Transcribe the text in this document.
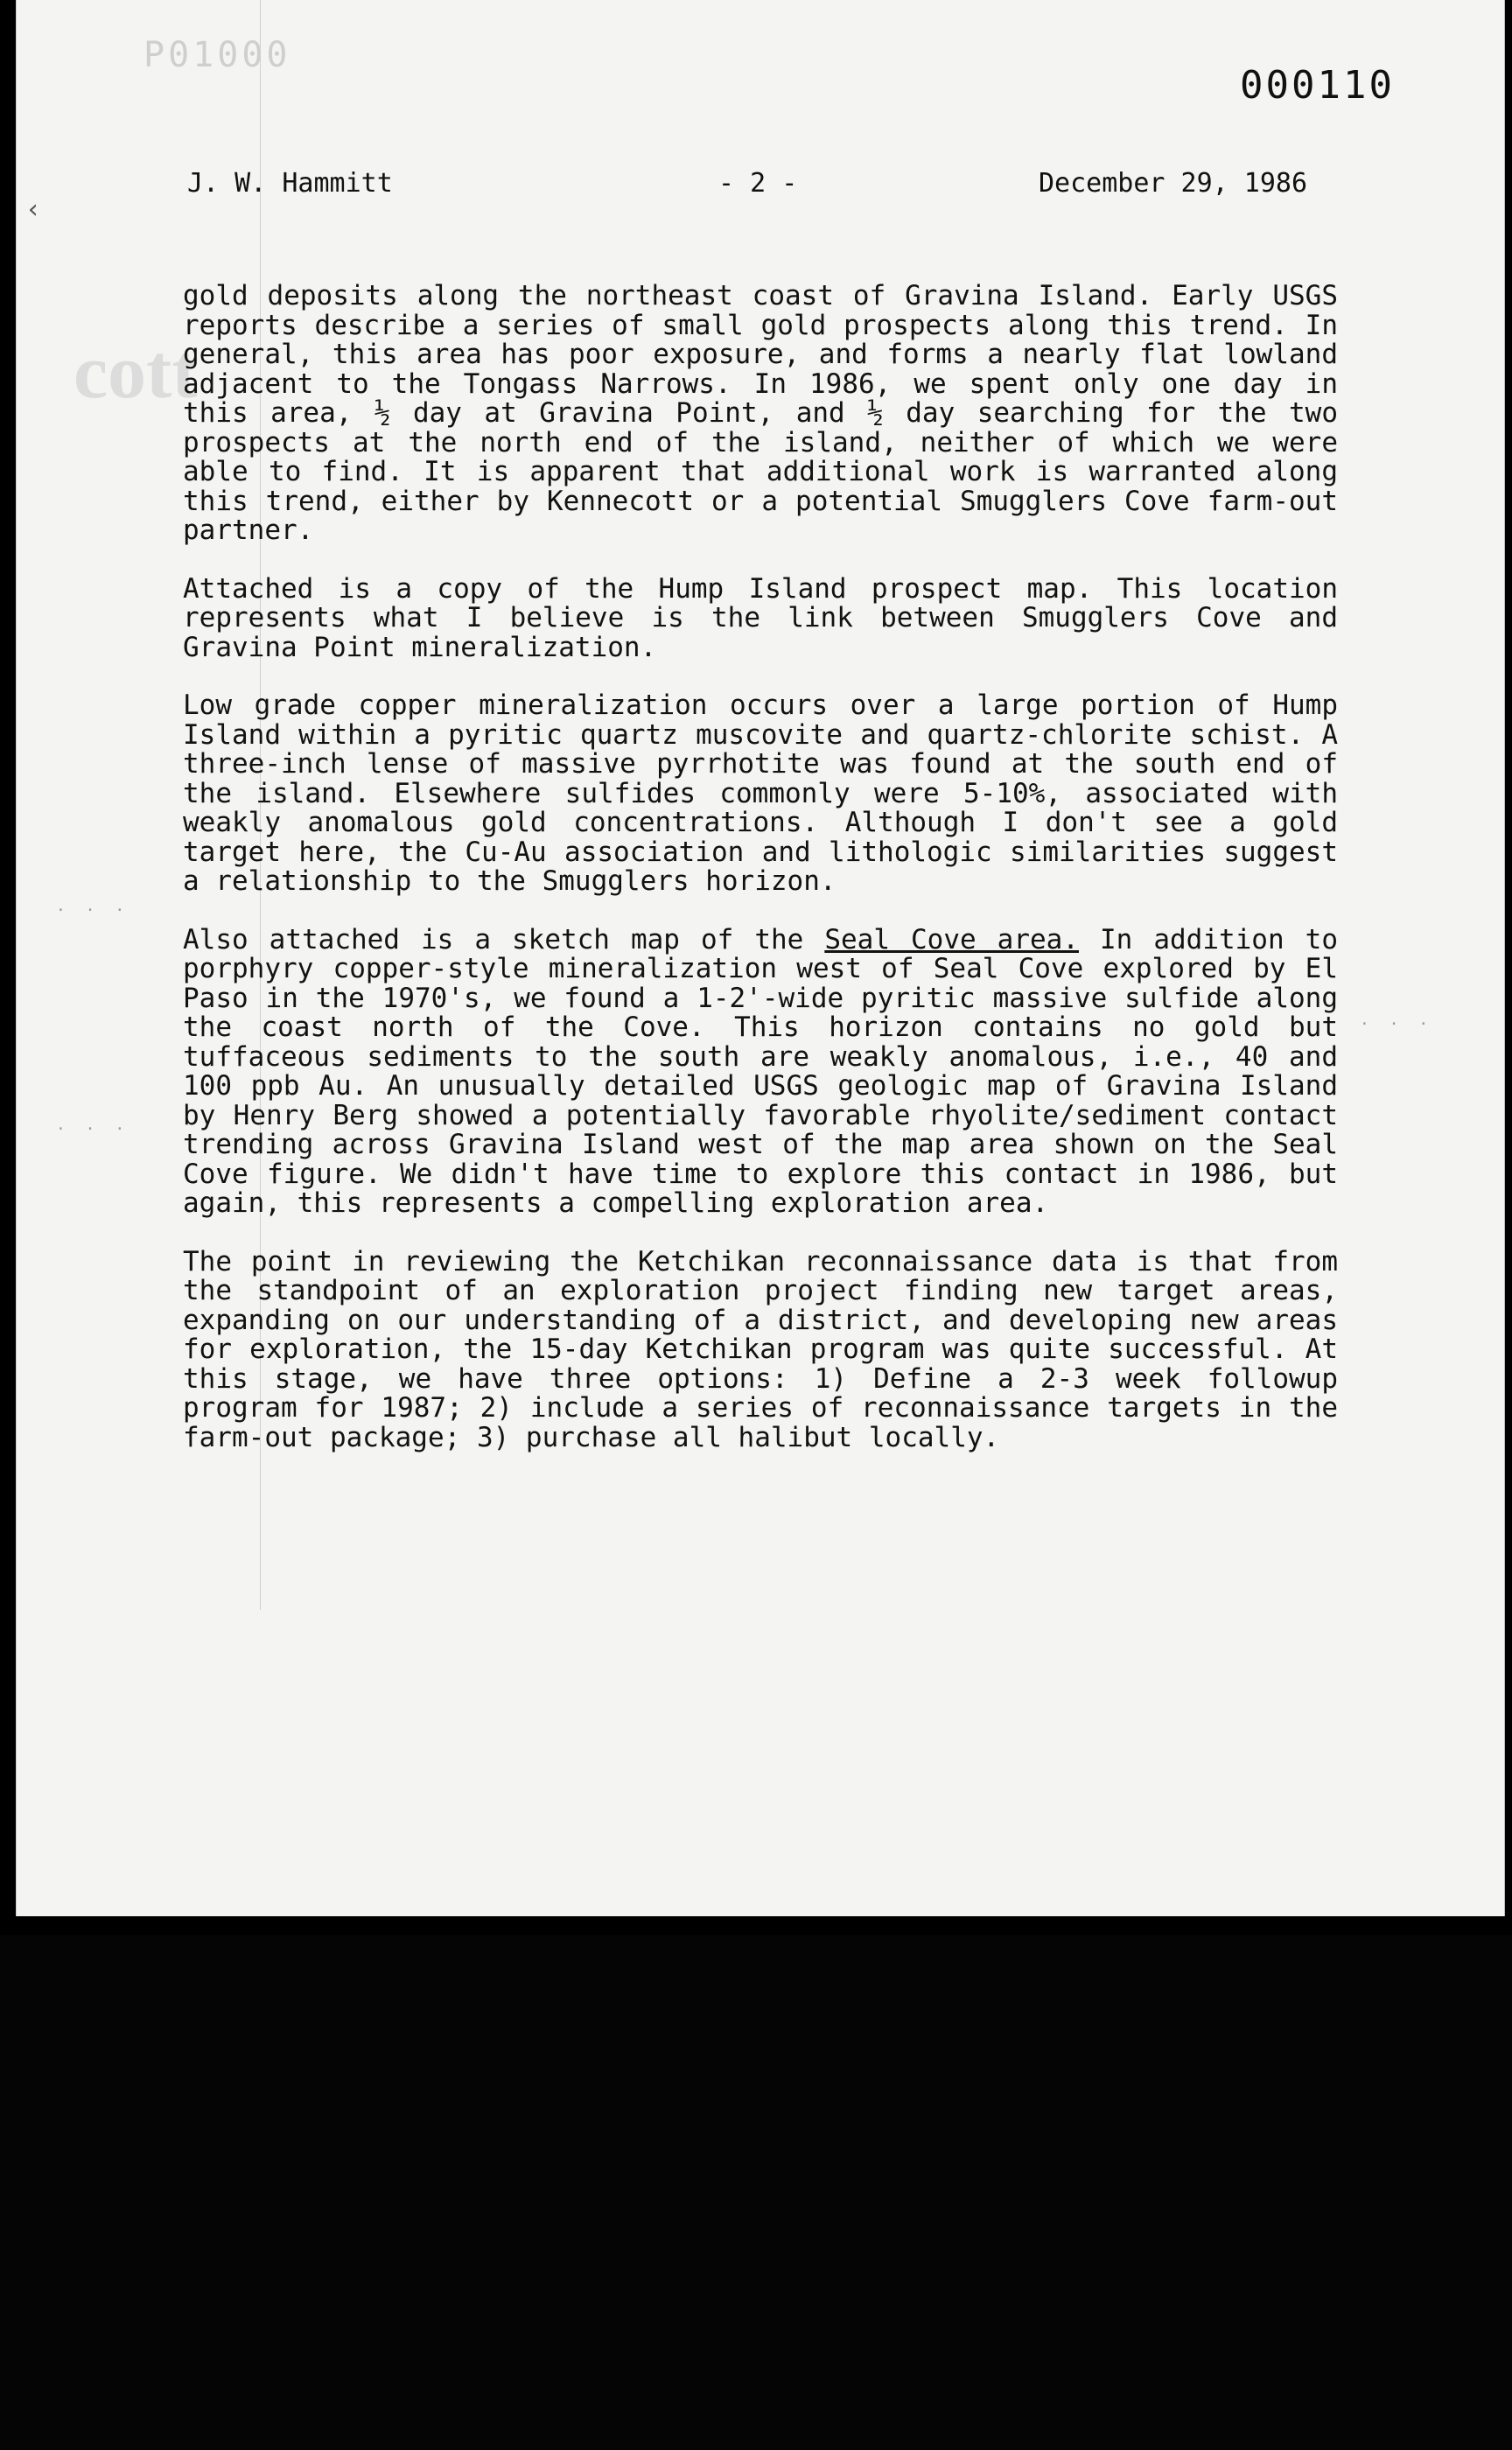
cott
P01000
000110
J. W. Hammitt	- 2 -	December 29, 1986
‹
· · ·
· · ·
· · ·

gold deposits along the northeast coast of Gravina Island. Early USGS reports describe a series of small gold prospects along this trend. In general, this area has poor exposure, and forms a nearly flat lowland adjacent to the Tongass Narrows. In 1986, we spent only one day in this area, ½ day at Gravina Point, and ½ day searching for the two prospects at the north end of the island, neither of which we were able to find. It is apparent that additional work is warranted along this trend, either by Kennecott or a potential Smugglers Cove farm-out partner.

Attached is a copy of the Hump Island prospect map. This location represents what I believe is the link between Smugglers Cove and Gravina Point mineralization.

Low grade copper mineralization occurs over a large portion of Hump Island within a pyritic quartz muscovite and quartz-chlorite schist. A three-inch lense of massive pyrrhotite was found at the south end of the island. Elsewhere sulfides commonly were 5-10%, associated with weakly anomalous gold concentrations. Although I don't see a gold target here, the Cu-Au association and lithologic similarities suggest a relationship to the Smugglers horizon.

Also attached is a sketch map of the Seal Cove area. In addition to porphyry copper-style mineralization west of Seal Cove explored by El Paso in the 1970's, we found a 1-2'-wide pyritic massive sulfide along the coast north of the Cove. This horizon contains no gold but tuffaceous sediments to the south are weakly anomalous, i.e., 40 and 100 ppb Au. An unusually detailed USGS geologic map of Gravina Island by Henry Berg showed a potentially favorable rhyolite/sediment contact trending across Gravina Island west of the map area shown on the Seal Cove figure. We didn't have time to explore this contact in 1986, but again, this represents a compelling exploration area.

The point in reviewing the Ketchikan reconnaissance data is that from the standpoint of an exploration project finding new target areas, expanding on our understanding of a district, and developing new areas for exploration, the 15-day Ketchikan program was quite successful. At this stage, we have three options: 1) Define a 2-3 week followup program for 1987; 2) include a series of reconnaissance targets in the farm-out package; 3) purchase all halibut locally.
